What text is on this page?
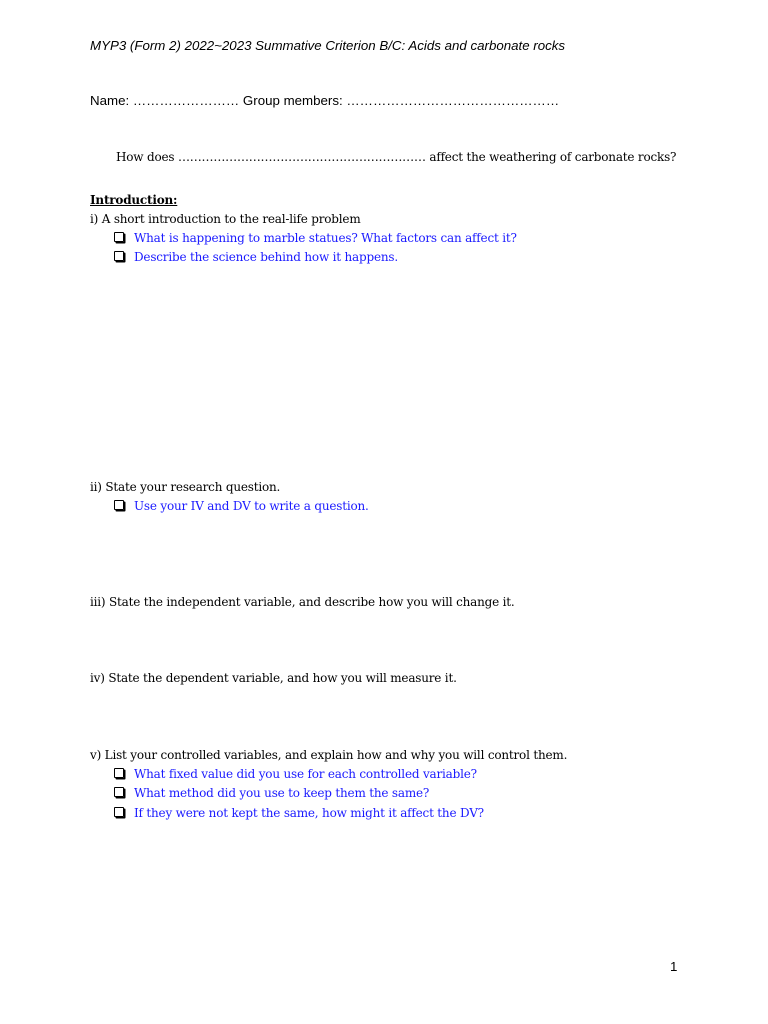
MYP3 (Form 2) 2022~2023 Summative Criterion B/C: Acids and carbonate rocks
Name: …………………… Group members: …………………………………………
How does ……………………………………………………… affect the weathering of carbonate rocks?
Introduction:
i) A short introduction to the real-life problem
What is happening to marble statues? What factors can affect it?
Describe the science behind how it happens.
ii) State your research question.
Use your IV and DV to write a question.
iii) State the independent variable, and describe how you will change it.
iv) State the dependent variable, and how you will measure it.
v) List your controlled variables, and explain how and why you will control them.
What fixed value did you use for each controlled variable?
What method did you use to keep them the same?
If they were not kept the same, how might it affect the DV?
1
